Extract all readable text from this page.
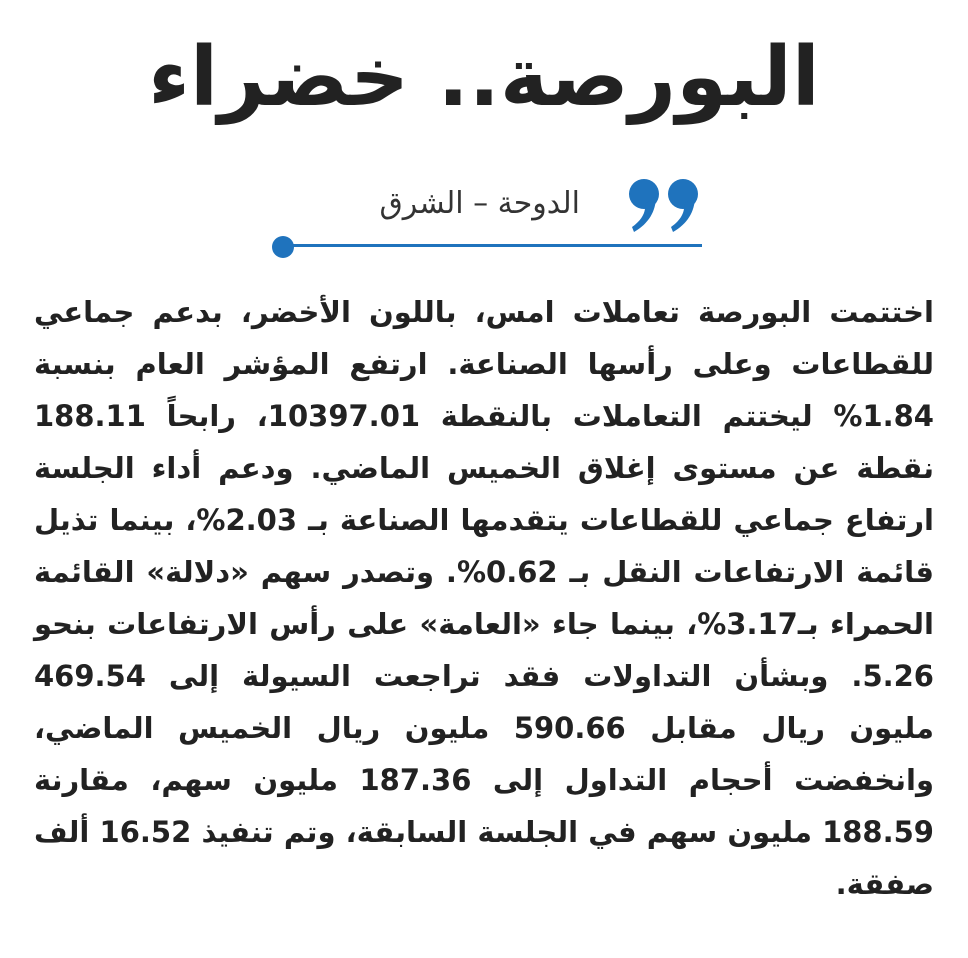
البورصة.. خضراء
الدوحة – الشرق

اختتمت البورصة تعاملات امس، باللون الأخضر، بدعم جماعي للقطاعات وعلى رأسها الصناعة. ارتفع المؤشر العام بنسبة 1.84% ليختتم التعاملات بالنقطة 10397.01، رابحاً 188.11 نقطة عن مستوى إغلاق الخميس الماضي. ودعم أداء الجلسة ارتفاع جماعي للقطاعات يتقدمها الصناعة بـ 2.03%، بينما تذيل قائمة الارتفاعات النقل بـ 0.62%. وتصدر سهم «دلالة» القائمة الحمراء بـ3.17%، بينما جاء «العامة» على رأس الارتفاعات بنحو 5.26. وبشأن التداولات فقد تراجعت السيولة إلى 469.54 مليون ريال مقابل 590.66 مليون ريال الخميس الماضي، وانخفضت أحجام التداول إلى 187.36 مليون سهم، مقارنة 188.59 مليون سهم في الجلسة السابقة، وتم تنفيذ 16.52 ألف صفقة.
